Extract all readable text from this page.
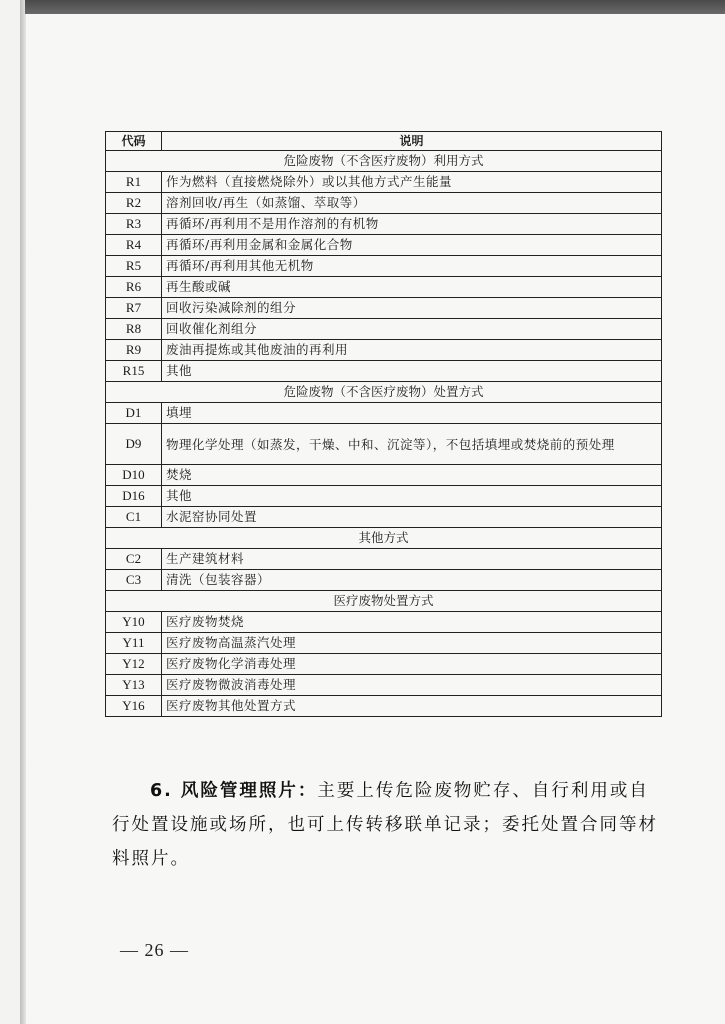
代码	说明
危险废物（不含医疗废物）利用方式	
R1	作为燃料（直接燃烧除外）或以其他方式产生能量
R2	溶剂回收/再生（如蒸馏、萃取等）
R3	再循环/再利用不是用作溶剂的有机物
R4	再循环/再利用金属和金属化合物
R5	再循环/再利用其他无机物
R6	再生酸或碱
R7	回收污染减除剂的组分
R8	回收催化剂组分
R9	废油再提炼或其他废油的再利用
R15	其他
危险废物（不含医疗废物）处置方式	
D1	填埋
D9	物理化学处理（如蒸发，干燥、中和、沉淀等），不包括填埋或焚烧前的预处理
D10	焚烧
D16	其他
C1	水泥窑协同处置
其他方式	
C2	生产建筑材料
C3	清洗（包装容器）
医疗废物处置方式	
Y10	医疗废物焚烧
Y11	医疗废物高温蒸汽处理
Y12	医疗废物化学消毒处理
Y13	医疗废物微波消毒处理
Y16	医疗废物其他处置方式
6. 风险管理照片：主要上传危险废物贮存、自行利用或自行处置设施或场所，也可上传转移联单记录；委托处置合同等材料照片。
— 26 —
